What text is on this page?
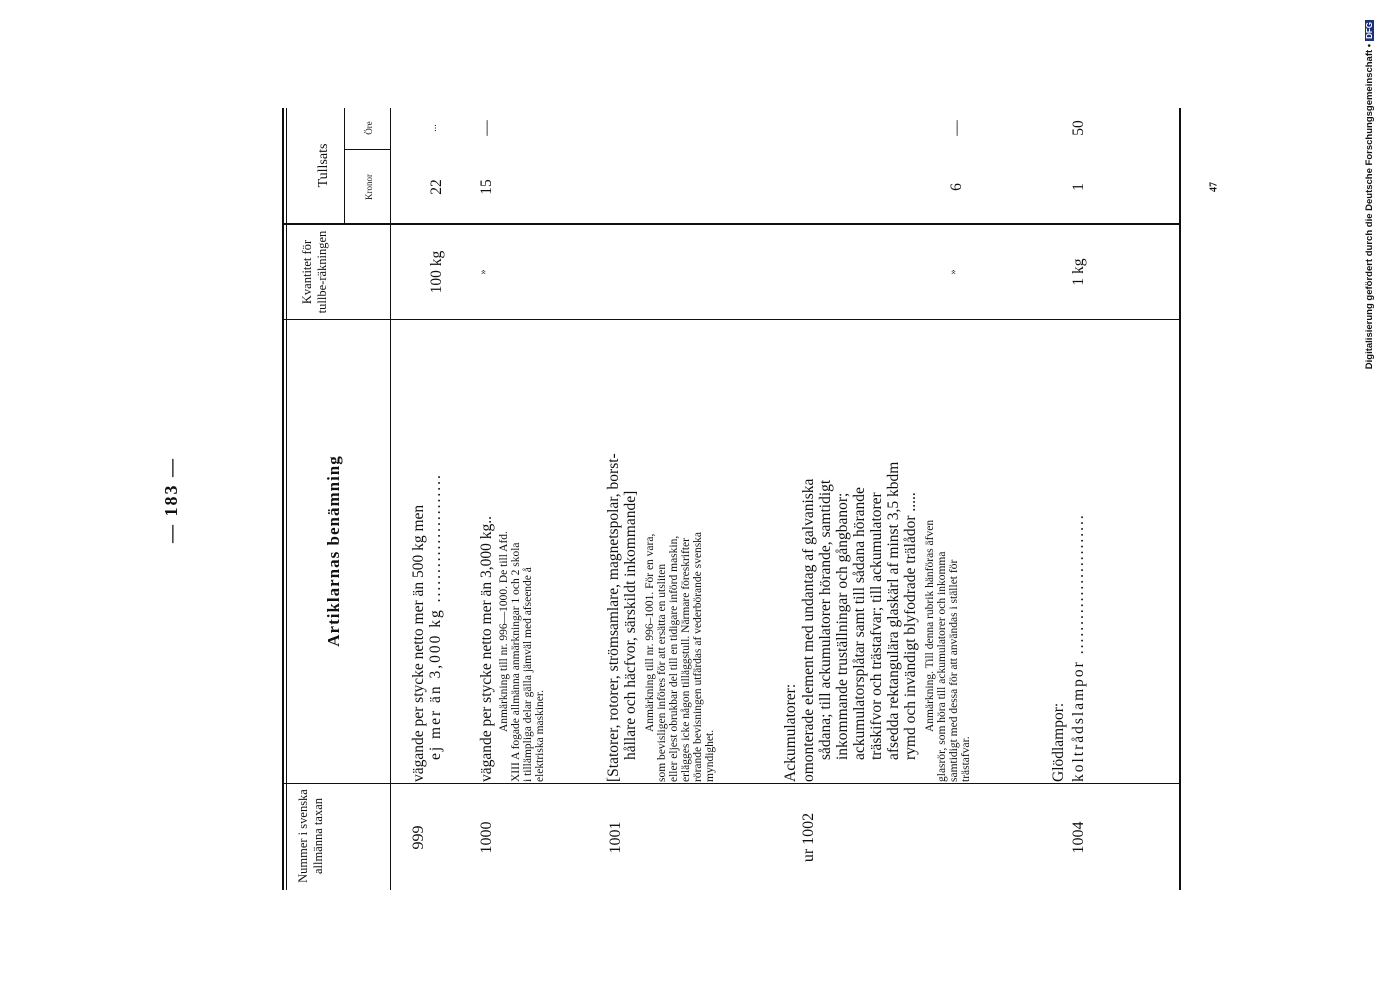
— 183 —
Digitalisierung gefördert durch die Deutsche Forschungsgemeinschaft •DFG
47
Nummer i svenska allmänna taxan
Artiklarnas benämning
Kvantitet för tullbe-räkningen
Tullsats	Kronor
Öre
999
vägande per stycke netto mer än 500 kg men ej mer än 3,000 kg ......................
100 kg
22
...
1000
vägande per stycke netto mer än 3,000 kg.. Anmärkning till nr. 996—1000. De till Afd. XIII A fogade allmänna anmärkningar 1 och 2 skola i tillämpliga delar gälla jämväl med afseende å elektriska maskiner.
»
15
—
1001
[Statorer, rotorer, strömsamlare, magnetspolar, borst- hållare och häcfvor, särskildt inkommande] Anmärkning till nr. 996–1001. För en vara, som bevisligen införes för att ersätta en utsliten eller eljest obrukbar del till en tidigare införd maskin, erlägges icke någon tilläggstull. Närmare föreskrifter rörande bevisningen utfärdas af vederbörande svenska myndighet.	Ackumulatorer:
ur 1002
omonterade element med undantag af galvaniska sådana; till ackumulatorer hörande, samtidigt inkommande truställningar och gångbanor; ackumulatorsplåtar samt till sådana hörande träskifvor och trästafvar; till ackumulatorer afsedda rektangulära glaskärl af minst 3,5 kbdm rymd och invändigt blyfodrade trälådor ..... Anmärkning. Till denna rubrik hänföras äfven glasrör, som höra till ackumulatorer och inkomma samtidigt med dessa för att användas i stället för trästafvar.
»
6
—
Glödlampor:
1004
koltrådslampor ........................
1 kg
1
50
